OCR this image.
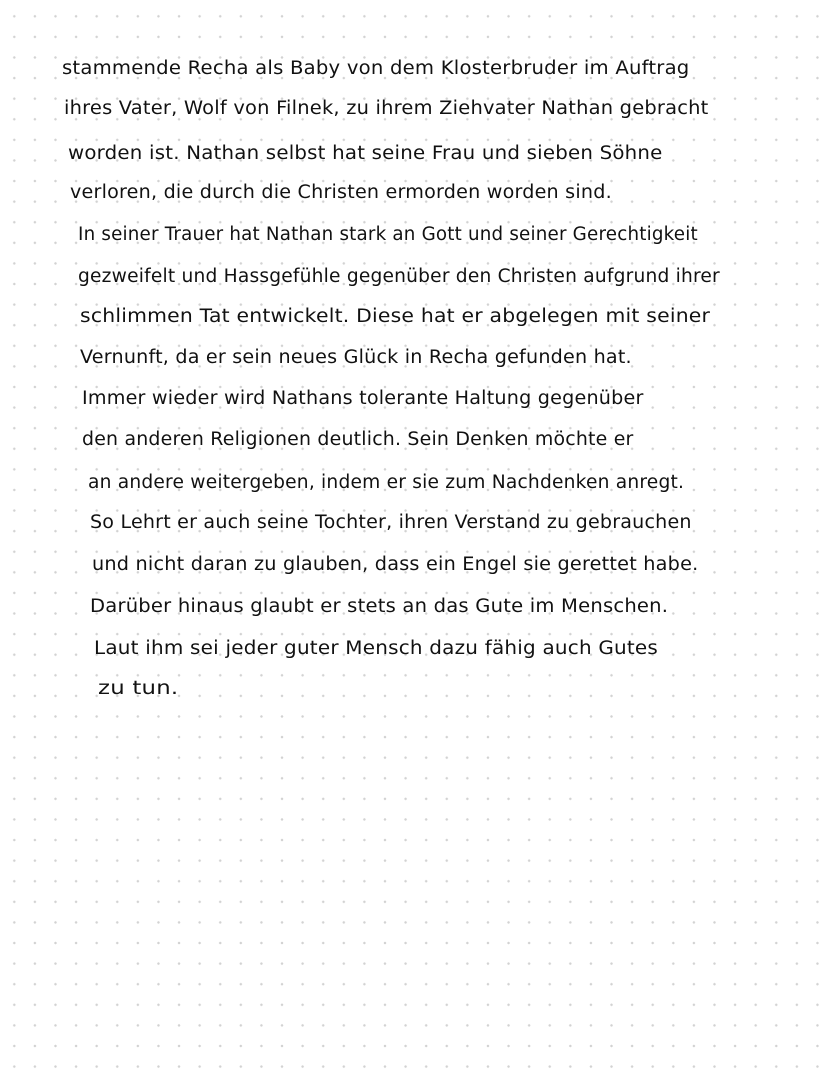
stammende Recha als Baby von dem Klosterbruder im Auftrag
ihres Vater, Wolf von Filnek, zu ihrem Ziehvater Nathan gebracht
worden ist. Nathan selbst hat seine Frau und sieben Söhne
verloren, die durch die Christen ermorden worden sind.
In seiner Trauer hat Nathan stark an Gott und seiner Gerechtigkeit
gezweifelt und Hassgefühle gegenüber den Christen aufgrund ihrer
schlimmen Tat entwickelt. Diese hat er abgelegen mit seiner
Vernunft, da er sein neues Glück in Recha gefunden hat.
Immer wieder wird Nathans tolerante Haltung gegenüber
den anderen Religionen deutlich. Sein Denken möchte er
an andere weitergeben, indem er sie zum Nachdenken anregt.
So Lehrt er auch seine Tochter, ihren Verstand zu gebrauchen
und nicht daran zu glauben, dass ein Engel sie gerettet habe.
Darüber hinaus glaubt er stets an das Gute im Menschen.
Laut ihm sei jeder guter Mensch dazu fähig auch Gutes
zu tun.
